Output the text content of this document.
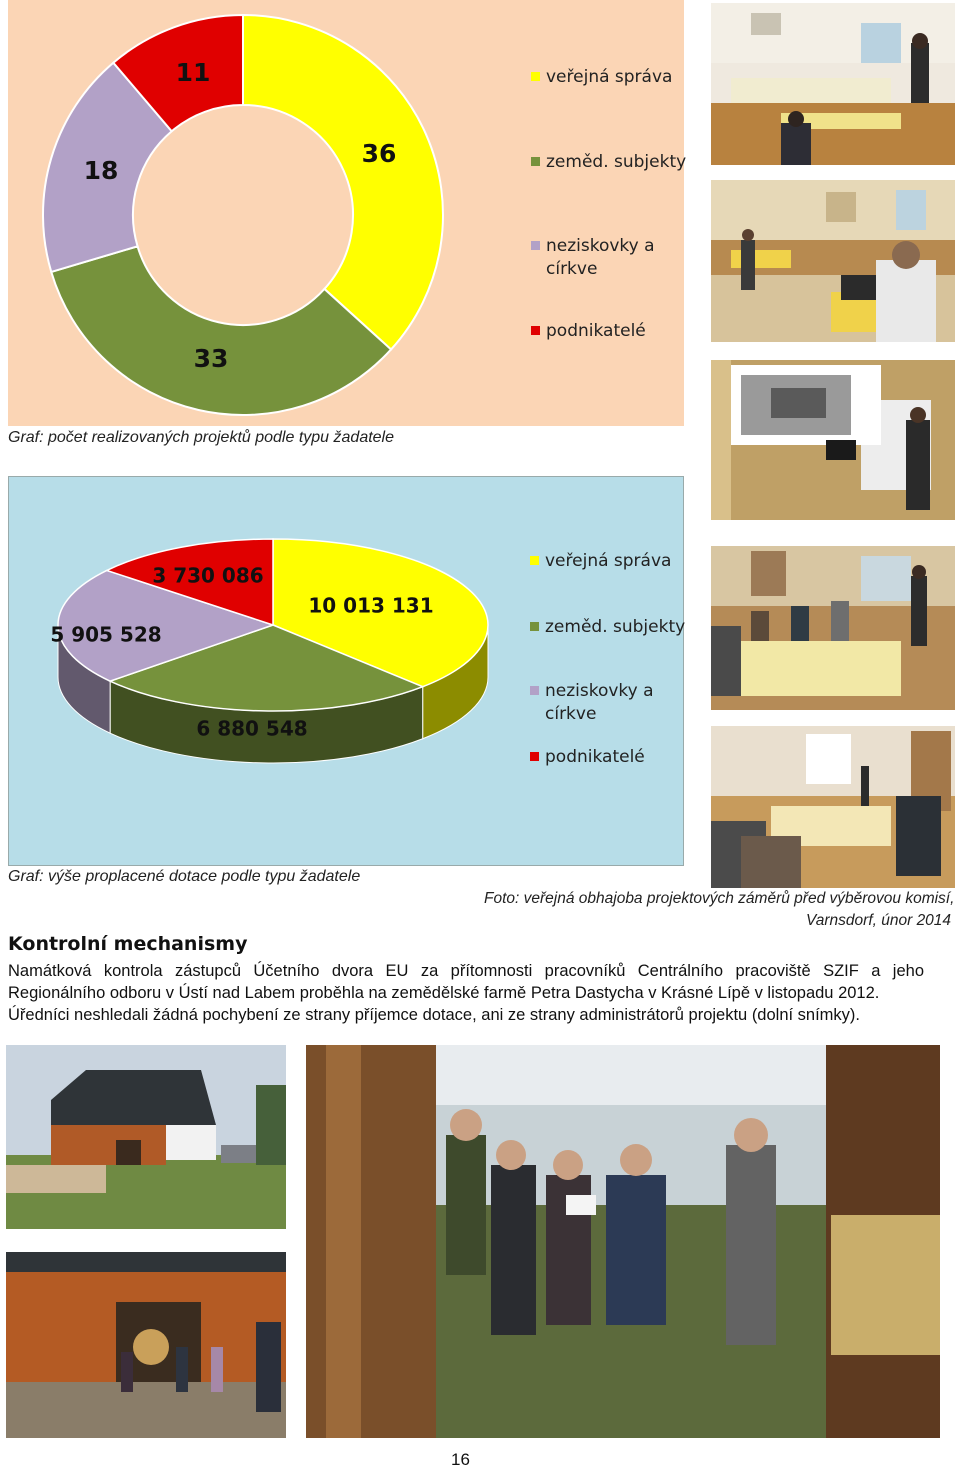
36
33
18
11	veřejná správa
zeměd. subjekty
neziskovky a
církve
podnikatelé
Graf: počet realizovaných projektů podle typu žadatele
10 013 131
6 880 548
5 905 528
3 730 086
veřejná správa
zeměd. subjekty
neziskovky a
církve
podnikatelé
Graf: výše proplacené dotace podle typu žadatele
Foto: veřejná obhajoba projektových záměrů před výběrovou komisí,
Varnsdorf, únor 2014
Kontrolní mechanismy
Namátková kontrola zástupců Účetního dvora EU za přítomnosti pracovníků Centrálního pracoviště SZIF a jeho
Regionálního odboru v Ústí nad Labem proběhla na zemědělské farmě Petra Dastycha v Krásné Lípě v listopadu 2012.
Úředníci neshledali žádná pochybení ze strany příjemce dotace, ani ze strany administrátorů projektu (dolní snímky).
16
